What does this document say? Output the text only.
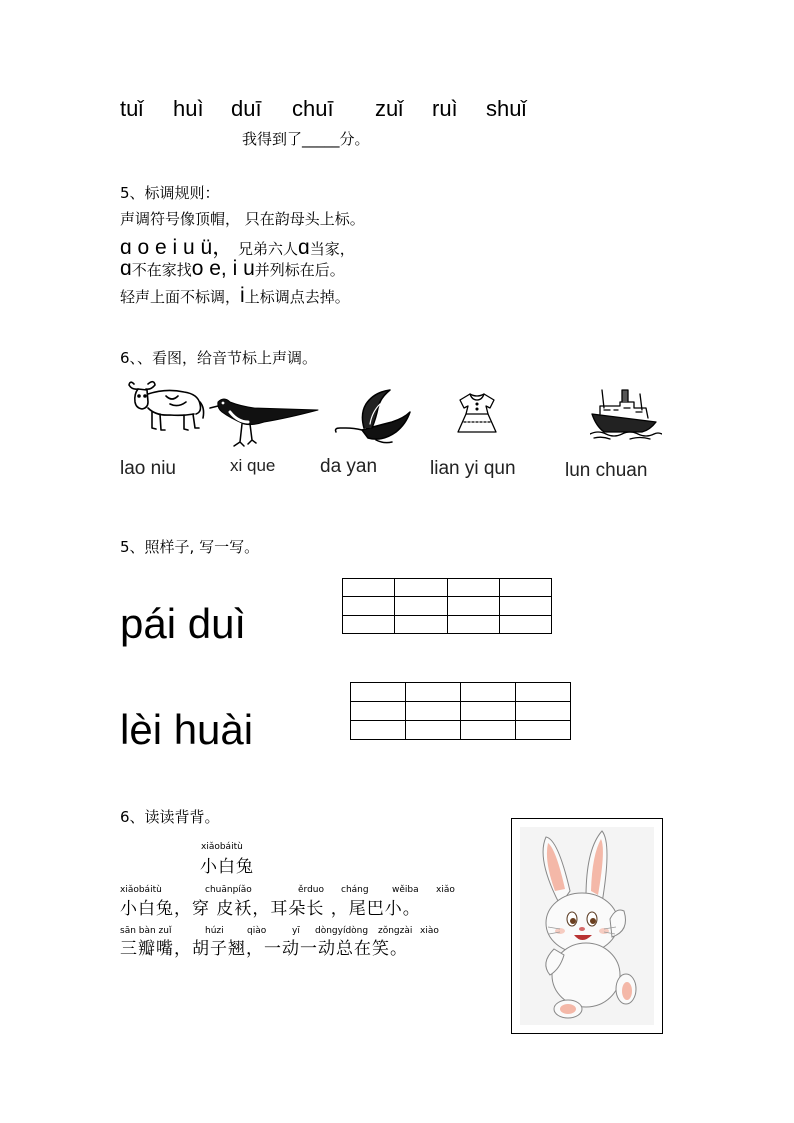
tuǐ huì duī chuī zuǐ ruì shuǐ
我得到了_____分。
5、标调规则：
声调符号像顶帽， 只在韵母头上标。
ɑ o e i u ü， 兄弟六人ɑ当家，
ɑ不在家找o e, i u并列标在后。
轻声上面不标调，i上标调点去掉。
6、、看图，给音节标上声调。
lao niu	xi que da yan	lian yi qun	lun chuan
5、照样子, 写一写。
pái duì

lèi huài

6、读读背背。
xiǎobáitù
小白兔
xiǎobáitù	chuānpíǎo	ěrduo cháng	wěiba xiǎo
小白兔，穿 皮袄，耳朵长 ，尾巴小。
sān bàn zuǐ	húzi	qiào	yī dòngyídòng zǒngzài xiào
三瓣嘴，胡子翘，一动一动总在笑。
